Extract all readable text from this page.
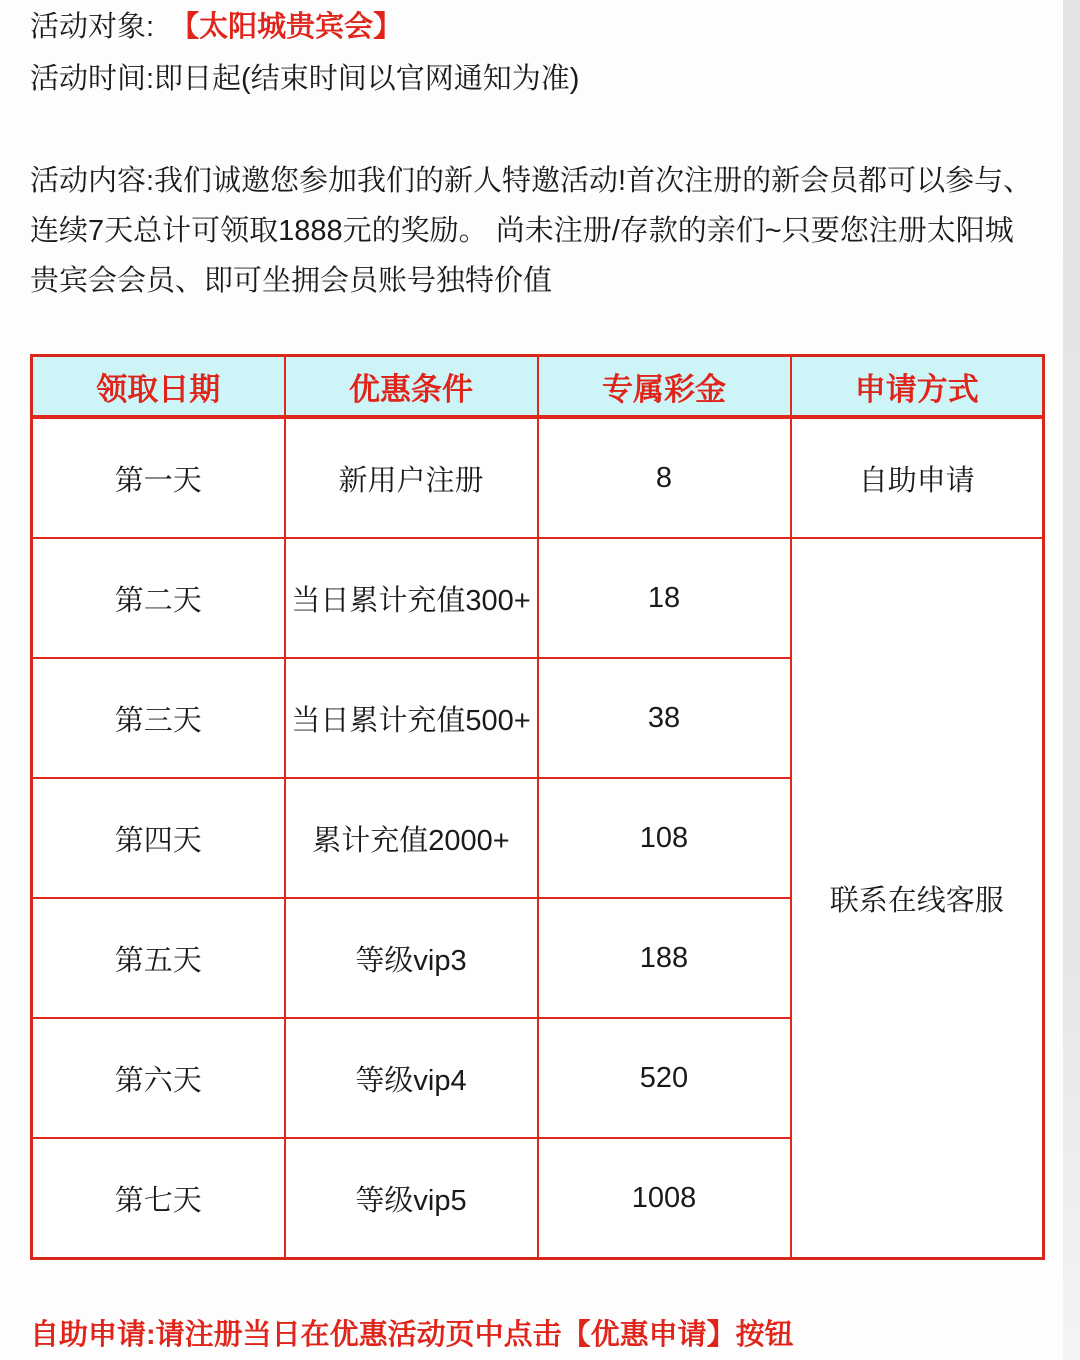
活动对象: 【太阳城贵宾会】
活动时间:即日起(结束时间以官网通知为准)
活动内容:我们诚邀您参加我们的新人特邀活动!首次注册的新会员都可以参与、连续7天总计可领取1888元的奖励。 尚未注册/存款的亲们~只要您注册太阳城贵宾会会员、即可坐拥会员账号独特价值
领取日期	优惠条件	专属彩金	申请方式
第一天	新用户注册	8	自助申请
第二天	当日累计充值300+	18	联系在线客服
第三天	当日累计充值500+	38	
第四天	累计充值2000+	108	
第五天	等级vip3	188	
第六天	等级vip4	520	
第七天	等级vip5	1008	
自助申请:请注册当日在优惠活动页中点击【优惠申请】按钮
